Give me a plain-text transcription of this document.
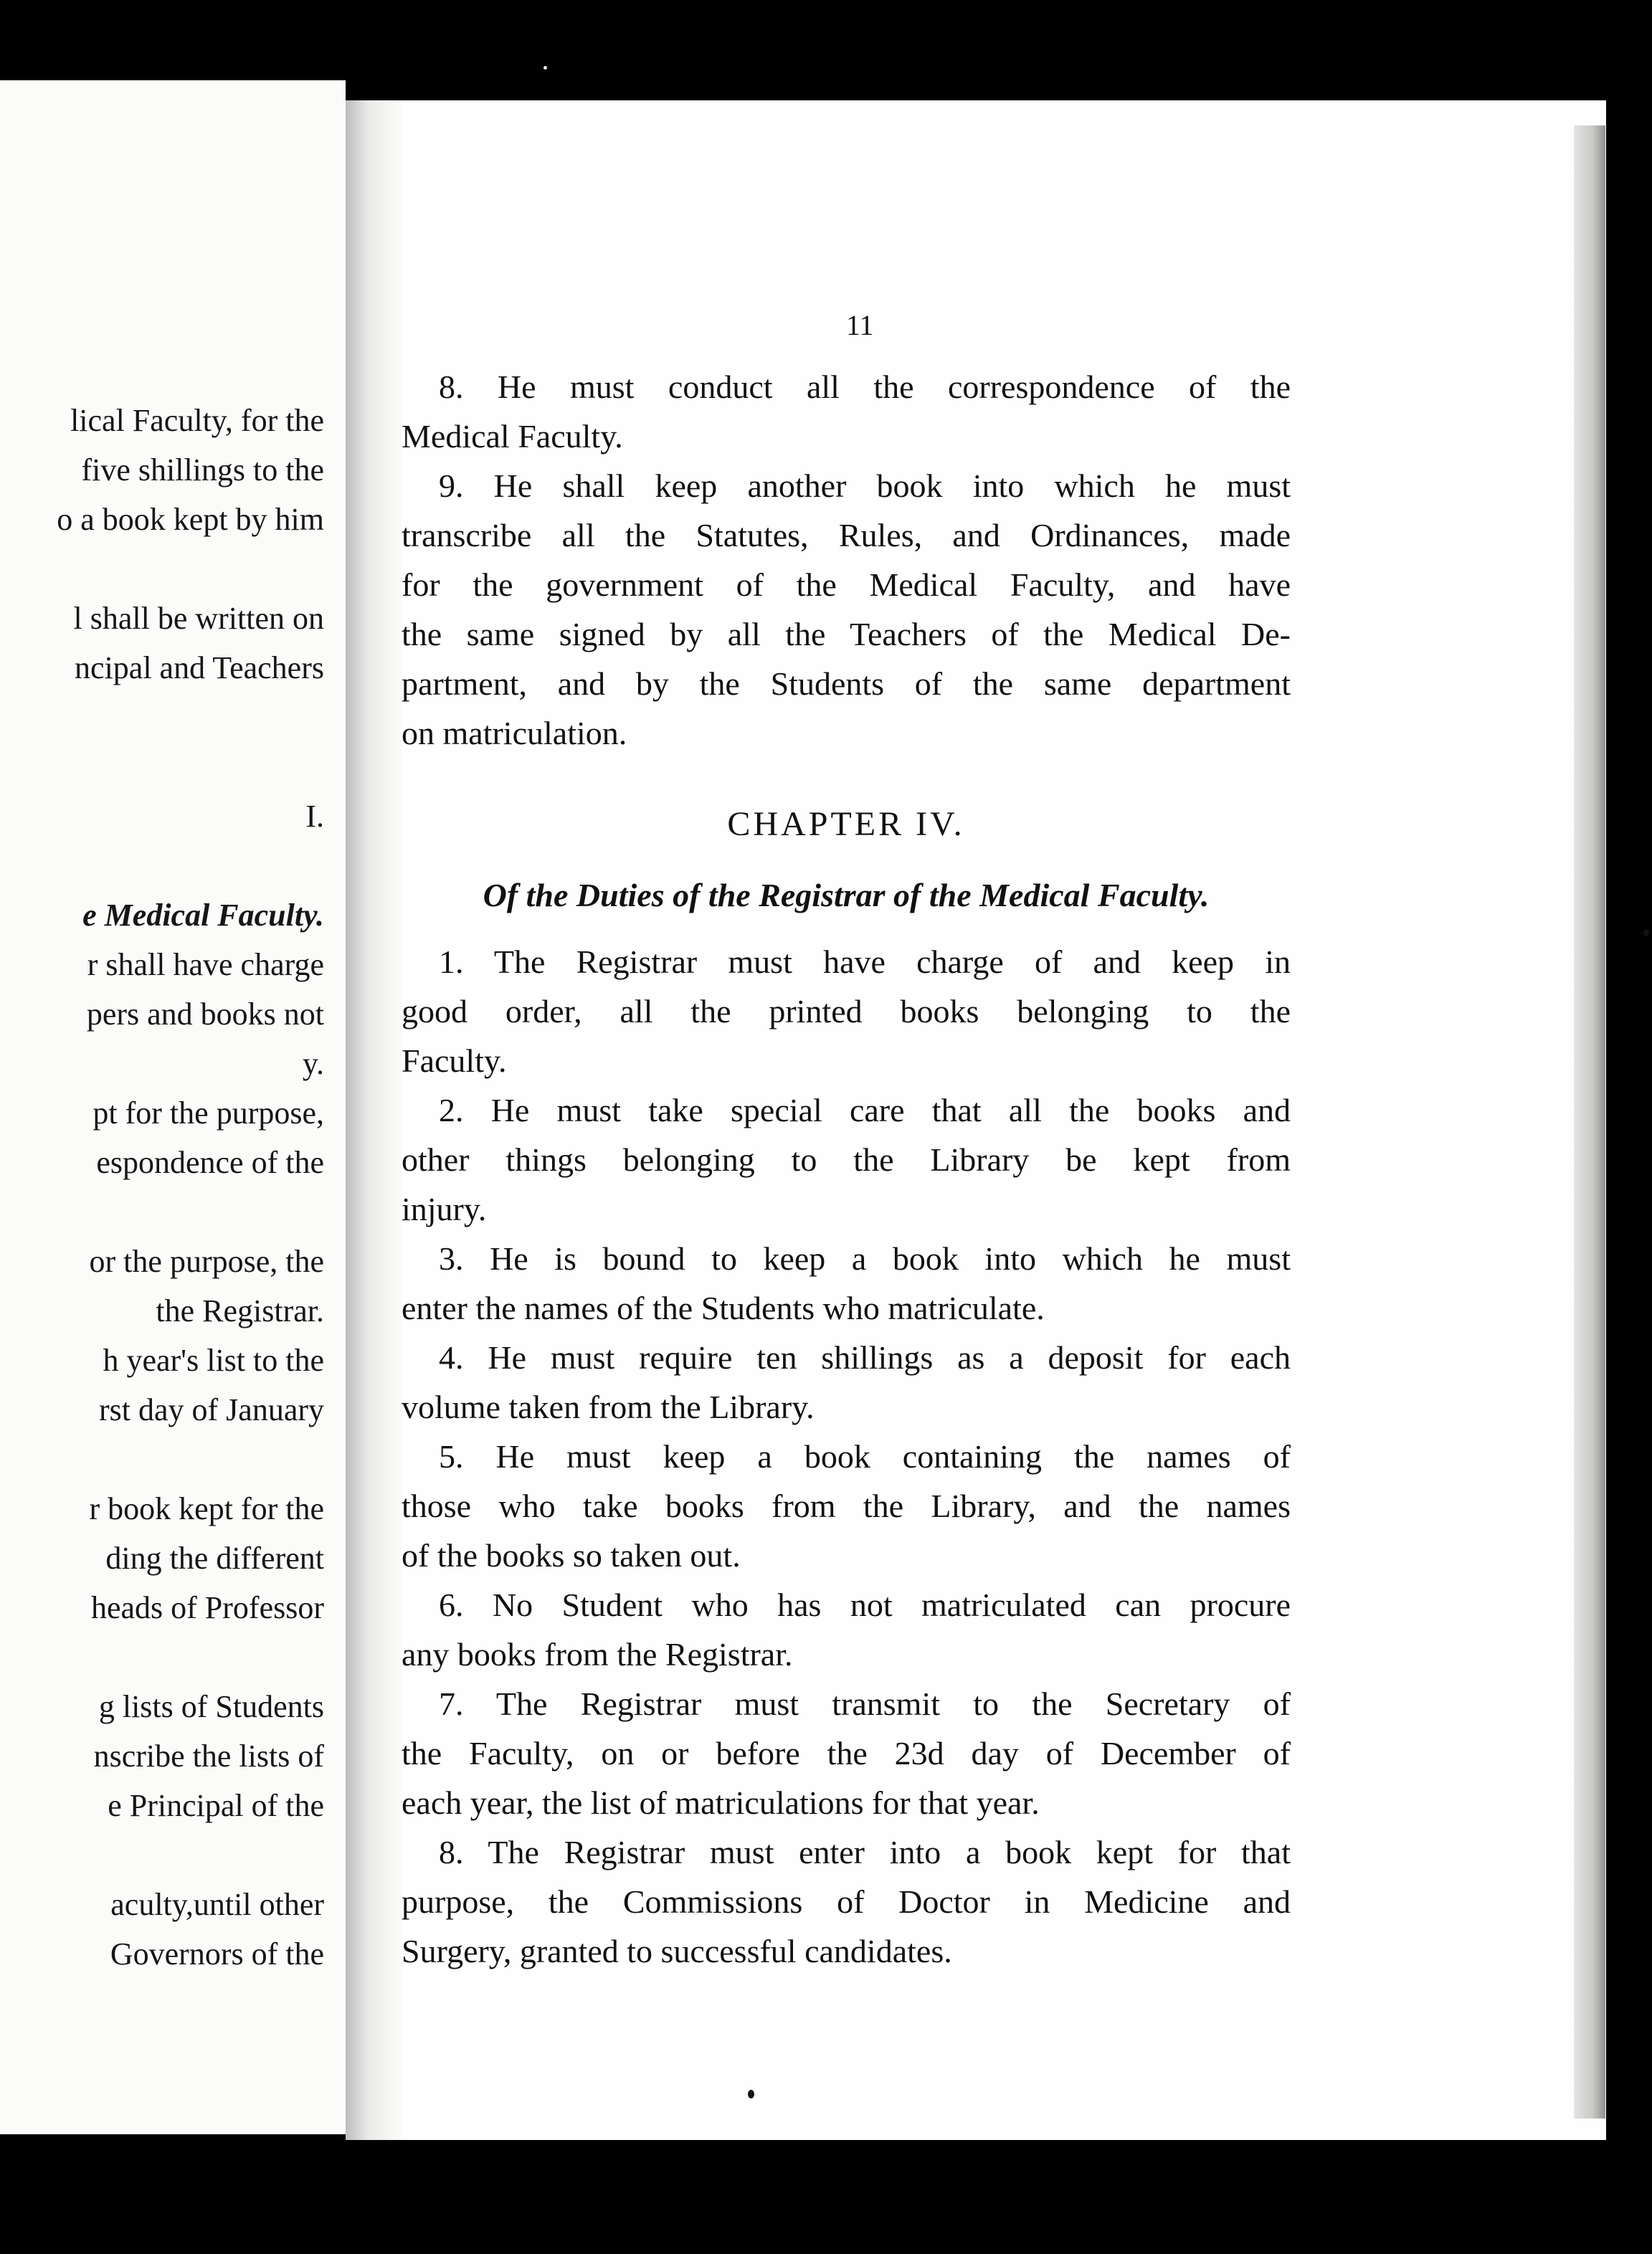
lical Faculty, for the
five shillings to the
o a book kept by him

l shall be written on
ncipal and Teachers

I.

e Medical Faculty.
r shall have charge
pers and books not
y.
pt for the purpose,
espondence of the

or the purpose, the
the Registrar.
h year's list to the
rst day of January

r book kept for the
ding the different
heads of Professor

g lists of Students
nscribe the lists of
e Principal of the

aculty,until other
Governors of the
11
8. He must conduct all the correspondence of the
Medical Faculty.
9. He shall keep another book into which he must
transcribe all the Statutes, Rules, and Ordinances, made
for the government of the Medical Faculty, and have
the same signed by all the Teachers of the Medical De-
partment, and by the Students of the same department
on matriculation.
CHAPTER IV.
Of the Duties of the Registrar of the Medical Faculty.
1. The Registrar must have charge of and keep in
good order, all the printed books belonging to the
Faculty.
2. He must take special care that all the books and
other things belonging to the Library be kept from
injury.
3. He is bound to keep a book into which he must
enter the names of the Students who matriculate.
4. He must require ten shillings as a deposit for each
volume taken from the Library.
5. He must keep a book containing the names of
those who take books from the Library, and the names
of the books so taken out.
6. No Student who has not matriculated can procure
any books from the Registrar.
7. The Registrar must transmit to the Secretary of
the Faculty, on or before the 23d day of December of
each year, the list of matriculations for that year.
8. The Registrar must enter into a book kept for that
purpose, the Commissions of Doctor in Medicine and
Surgery, granted to successful candidates.
